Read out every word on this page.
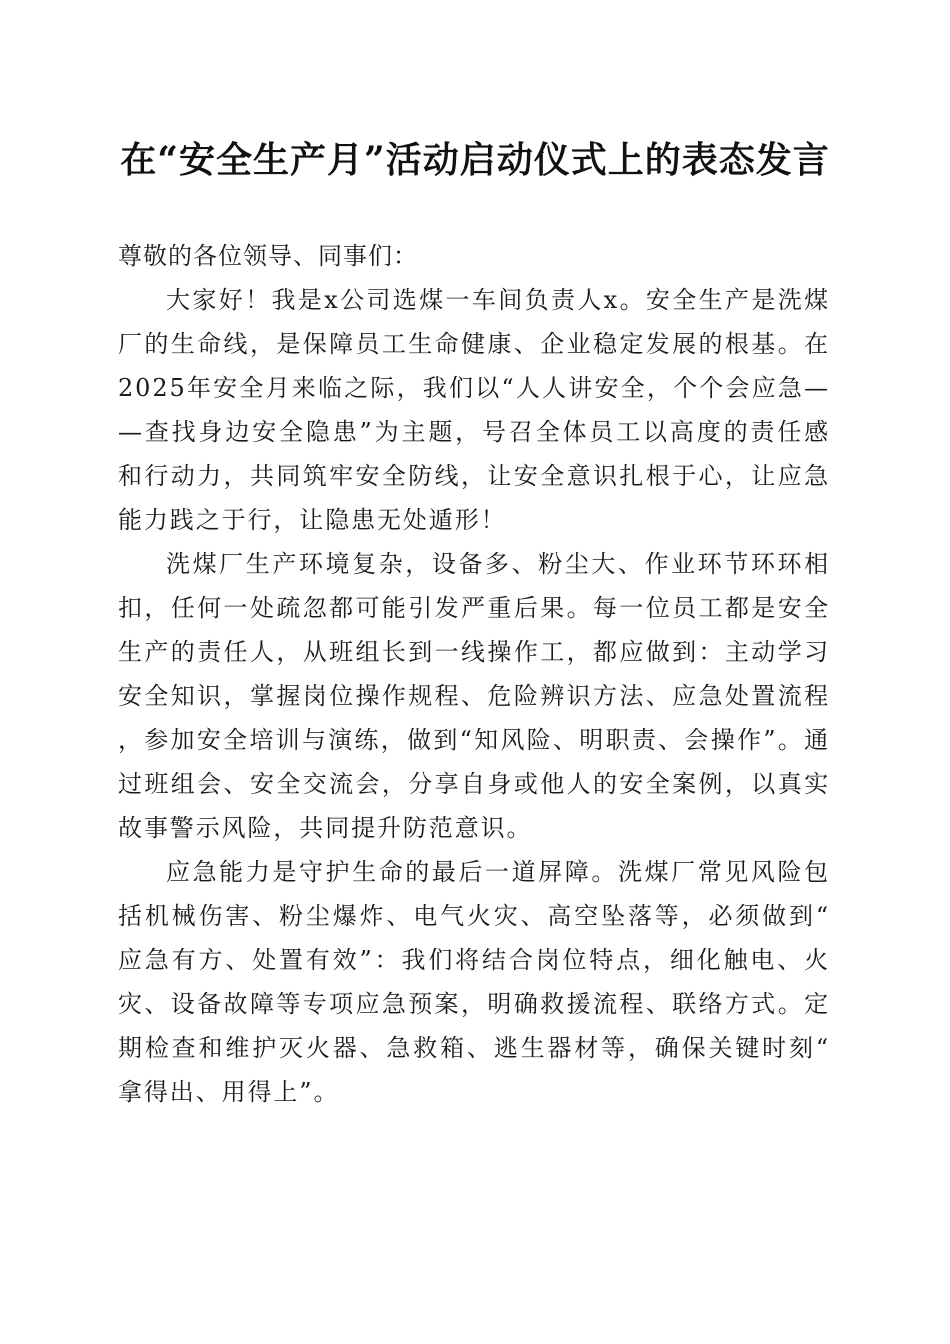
在“安全生产月”活动启动仪式上的表态发言

尊敬的各位领导、同事们：

大家好！我是x公司选煤一车间负责人x。安全生产是洗煤厂的生命线，是保障员工生命健康、企业稳定发展的根基。在2025年安全月来临之际，我们以“人人讲安全，个个会应急——查找身边安全隐患”为主题，号召全体员工以高度的责任感和行动力，共同筑牢安全防线，让安全意识扎根于心，让应急能力践之于行，让隐患无处遁形！

洗煤厂生产环境复杂，设备多、粉尘大、作业环节环环相扣，任何一处疏忽都可能引发严重后果。每一位员工都是安全生产的责任人，从班组长到一线操作工，都应做到：主动学习安全知识，掌握岗位操作规程、危险辨识方法、应急处置流程，参加安全培训与演练，做到“知风险、明职责、会操作”。通过班组会、安全交流会，分享自身或他人的安全案例，以真实故事警示风险，共同提升防范意识。

应急能力是守护生命的最后一道屏障。洗煤厂常见风险包括机械伤害、粉尘爆炸、电气火灾、高空坠落等，必须做到“应急有方、处置有效”：我们将结合岗位特点，细化触电、火灾、设备故障等专项应急预案，明确救援流程、联络方式。定期检查和维护灭火器、急救箱、逃生器材等，确保关键时刻“拿得出、用得上”。
